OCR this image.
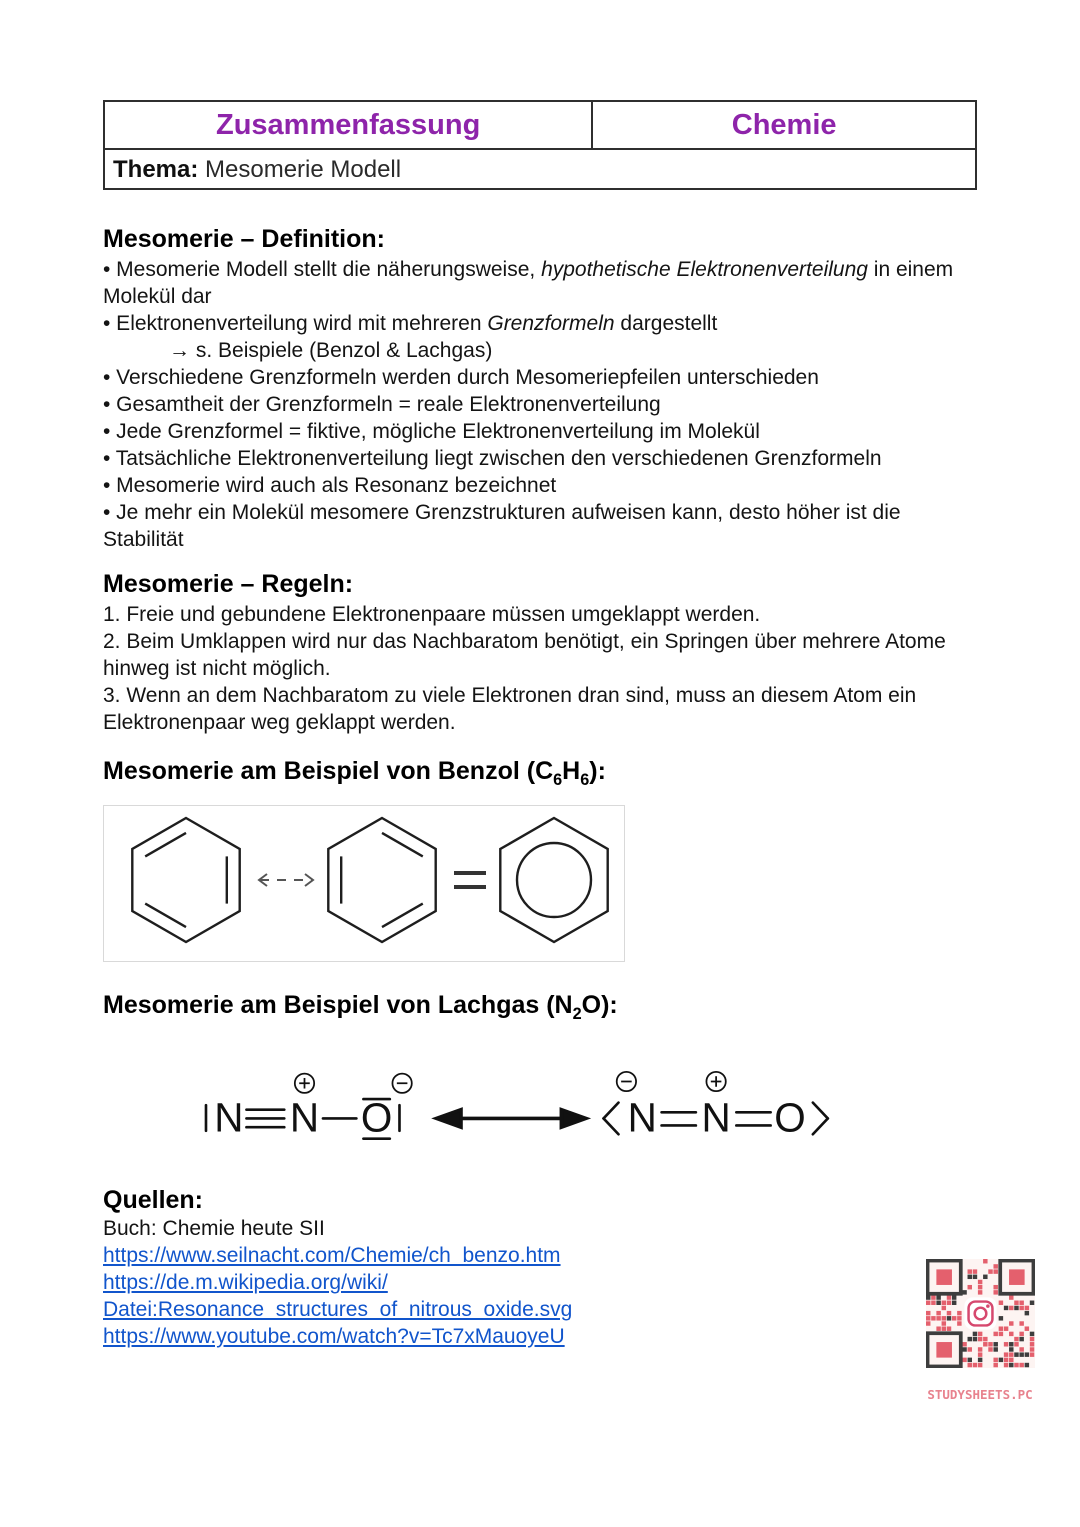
Zusammenfassung	Chemie
Thema: Mesomerie Modell
Mesomerie – Definition:

• Mesomerie Modell stellt die näherungsweise, hypothetische Elektronenverteilung in einem Molekül dar

• Elektronenverteilung wird mit mehreren Grenzformeln dargestellt

→ s. Beispiele (Benzol & Lachgas)

• Verschiedene Grenzformeln werden durch Mesomeriepfeilen unterschieden

• Gesamtheit der Grenzformeln = reale Elektronenverteilung

• Jede Grenzformel = fiktive, mögliche Elektronenverteilung im Molekül

• Tatsächliche Elektronenverteilung liegt zwischen den verschiedenen Grenzformeln

• Mesomerie wird auch als Resonanz bezeichnet

• Je mehr ein Molekül mesomere Grenzstrukturen aufweisen kann, desto höher ist die Stabilität

Mesomerie – Regeln:

1. Freie und gebundene Elektronenpaare müssen umgeklappt werden.

2. Beim Umklappen wird nur das Nachbaratom benötigt, ein Springen über mehrere Atome hinweg ist nicht möglich.

3. Wenn an dem Nachbaratom zu viele Elektronen dran sind, muss an diesem Atom ein Elektronenpaar weg geklappt werden.

Mesomerie am Beispiel von Benzol $(C_6H_6)$:
Mesomerie am Beispiel von Lachgas $(N_2O)$:
N N O	N N O
Quellen:

Buch: Chemie heute SII

https://www.seilnacht.com/Chemie/ch_benzo.htm

https://de.m.wikipedia.org/wiki/

Datei:Resonance_structures_of_nitrous_oxide.svg

https://www.youtube.com/watch?v=Tc7xMauoyeU

STUDYSHEETS.PC
